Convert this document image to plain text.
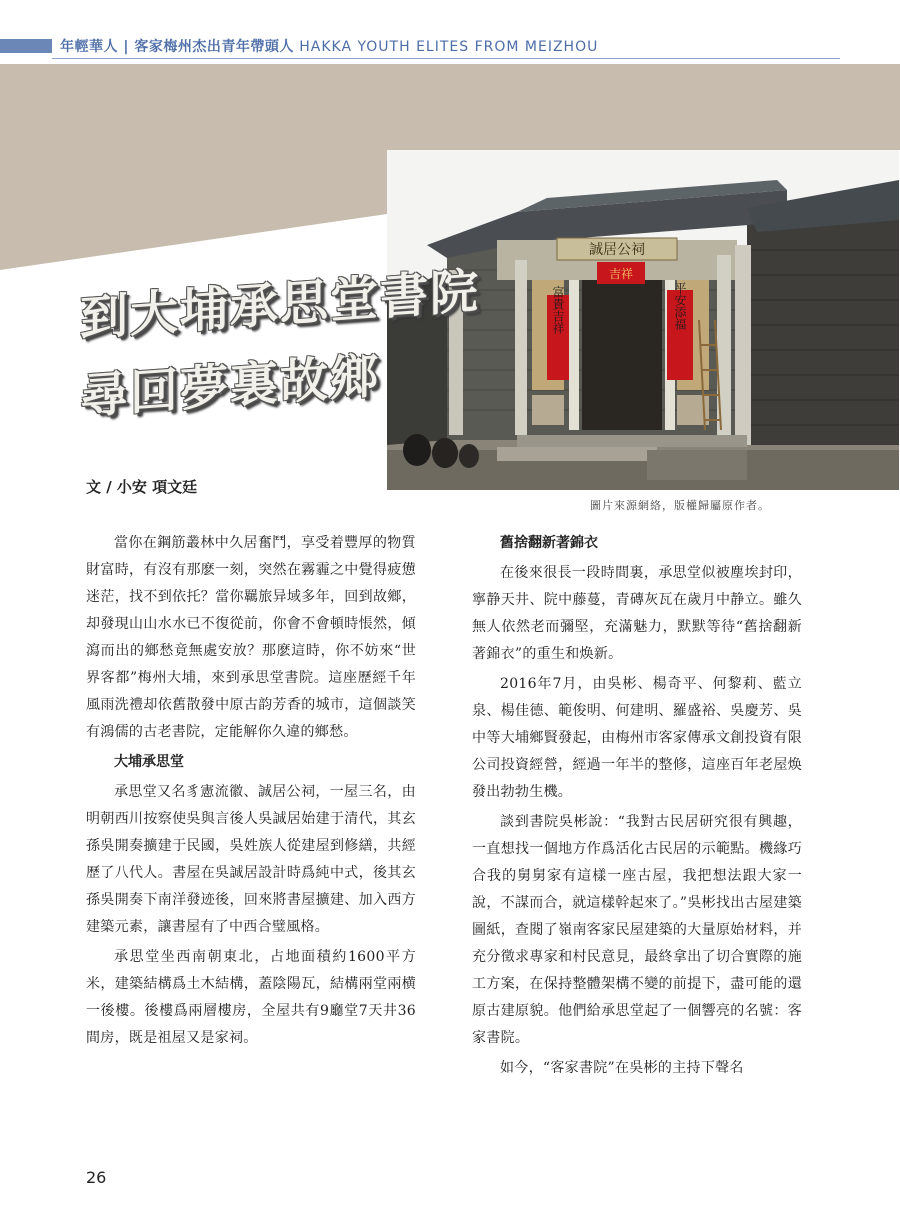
年輕華人 | 客家梅州杰出青年帶頭人 HAKKA YOUTH ELITES FROM MEIZHOU
誠居公祠
吉祥
富貴吉祥	平安添福
到大埔承思堂書院
尋回夢裏故鄉
文 / 小安 項文廷
圖片來源網絡，版權歸屬原作者。

當你在鋼筋叢林中久居奮鬥，享受着豐厚的物質財富時，有沒有那麽一刻，突然在霧霾之中覺得疲憊迷茫，找不到依托？當你羈旅异域多年，回到故鄉，却發現山山水水已不復從前，你會不會頓時悵然，傾瀉而出的鄉愁竟無處安放？那麽這時，你不妨來“世界客都”梅州大埔，來到承思堂書院。這座歷經千年風雨洗禮却依舊散發中原古韵芳香的城市，這個談笑有鴻儒的古老書院，定能解你久違的鄉愁。

大埔承思堂

承思堂又名豸憲流徽、誠居公祠，一屋三名，由明朝西川按察使吳與言後人吳誠居始建于清代，其玄孫吳開奏擴建于民國，吳姓族人從建屋到修繕，共經歷了八代人。書屋在吳誠居設計時爲純中式，後其玄孫吳開奏下南洋發迹後，回來將書屋擴建、加入西方建築元素，讓書屋有了中西合璧風格。

承思堂坐西南朝東北，占地面積約1600平方米，建築結構爲土木結構，蓋陰陽瓦，結構兩堂兩横一後樓。後樓爲兩層樓房，全屋共有9廳堂7天井36間房，既是祖屋又是家祠。

舊捨翻新著錦衣

在後來很長一段時間裏，承思堂似被塵埃封印，寧静天井、院中藤蔓，青磚灰瓦在歲月中静立。雖久無人依然老而彌堅，充滿魅力，默默等待“舊捨翻新著錦衣”的重生和焕新。

2016年7月，由吳彬、楊奇平、何黎莉、藍立泉、楊佳德、範俊明、何建明、羅盛裕、吳慶芳、吳中等大埔鄉賢發起，由梅州市客家傳承文創投資有限公司投資經營，經過一年半的整修，這座百年老屋焕發出勃勃生機。

談到書院吳彬說：“我對古民居研究很有興趣，一直想找一個地方作爲活化古民居的示範點。機緣巧合我的舅舅家有這樣一座古屋，我把想法跟大家一說，不謀而合，就這樣幹起來了。”吳彬找出古屋建築圖紙，查閱了嶺南客家民屋建築的大量原始材料，并充分徵求專家和村民意見，最終拿出了切合實際的施工方案，在保持整體架構不變的前提下，盡可能的還原古建原貌。他們給承思堂起了一個響亮的名號：客家書院。

如今，“客家書院”在吳彬的主持下聲名

26
